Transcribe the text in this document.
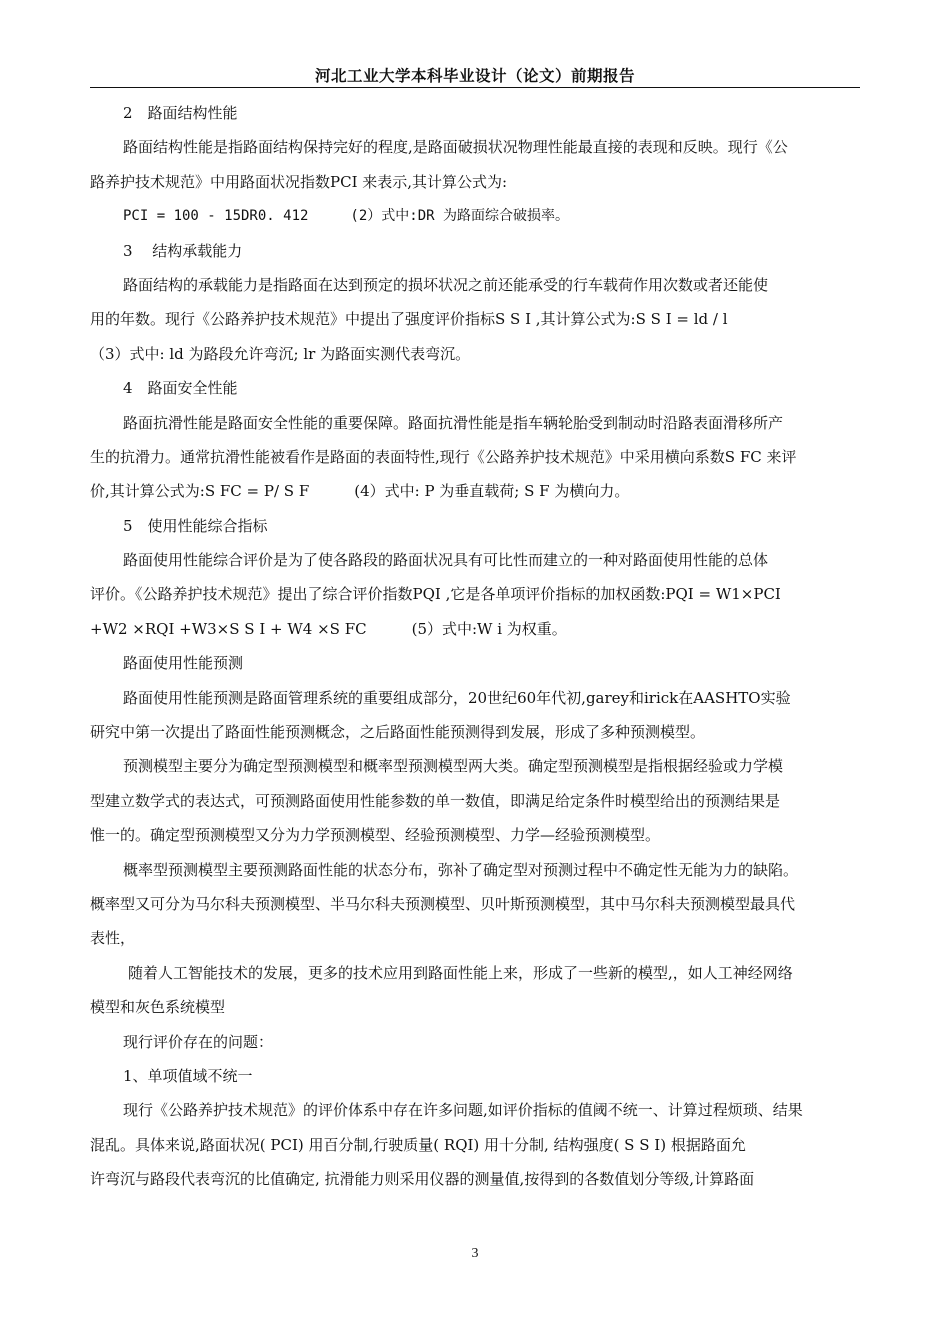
河北工业大学本科毕业设计（论文）前期报告
2　路面结构性能
路面结构性能是指路面结构保持完好的程度,是路面破损状况物理性能最直接的表现和反映。现行《公
路养护技术规范》中用路面状况指数PCI 来表示,其计算公式为:
PCI = 100 - 15DR0. 412　　　(2）式中:DR 为路面综合破损率。
3　 结构承载能力
路面结构的承载能力是指路面在达到预定的损坏状况之前还能承受的行车载荷作用次数或者还能使
用的年数。现行《公路养护技术规范》中提出了强度评价指标S S I ,其计算公式为:S S I = ld / l
（3）式中: ld 为路段允许弯沉; lr 为路面实测代表弯沉。
4　路面安全性能
路面抗滑性能是路面安全性能的重要保障。路面抗滑性能是指车辆轮胎受到制动时沿路表面滑移所产
生的抗滑力。通常抗滑性能被看作是路面的表面特性,现行《公路养护技术规范》中采用横向系数S FC 来评
价,其计算公式为:S FC = P/ S F　　　(4）式中: P 为垂直载荷; S F 为横向力。
5　使用性能综合指标
路面使用性能综合评价是为了使各路段的路面状况具有可比性而建立的一种对路面使用性能的总体
评价。《公路养护技术规范》提出了综合评价指数PQI ,它是各单项评价指标的加权函数:PQI = W1×PCI
+W2 ×RQI +W3×S S I + W4 ×S FC　　　(5）式中:W i 为权重。
路面使用性能预测
路面使用性能预测是路面管理系统的重要组成部分，20世纪60年代初,garey和irick在AASHTO实验
研究中第一次提出了路面性能预测概念，之后路面性能预测得到发展，形成了多种预测模型。
预测模型主要分为确定型预测模型和概率型预测模型两大类。确定型预测模型是指根据经验或力学模
型建立数学式的表达式，可预测路面使用性能参数的单一数值，即满足给定条件时模型给出的预测结果是
惟一的。确定型预测模型又分为力学预测模型、经验预测模型、力学—经验预测模型。
概率型预测模型主要预测路面性能的状态分布，弥补了确定型对预测过程中不确定性无能为力的缺陷。
概率型又可分为马尔科夫预测模型、半马尔科夫预测模型、贝叶斯预测模型，其中马尔科夫预测模型最具代
表性，
随着人工智能技术的发展，更多的技术应用到路面性能上来，形成了一些新的模型,，如人工神经网络
模型和灰色系统模型
现行评价存在的问题：
1、单项值域不统一
现行《公路养护技术规范》的评价体系中存在许多问题,如评价指标的值阈不统一、计算过程烦琐、结果
混乱。具体来说,路面状况( PCI) 用百分制,行驶质量( RQI) 用十分制, 结构强度( S S I) 根据路面允
许弯沉与路段代表弯沉的比值确定, 抗滑能力则采用仪器的测量值,按得到的各数值划分等级,计算路面
3
